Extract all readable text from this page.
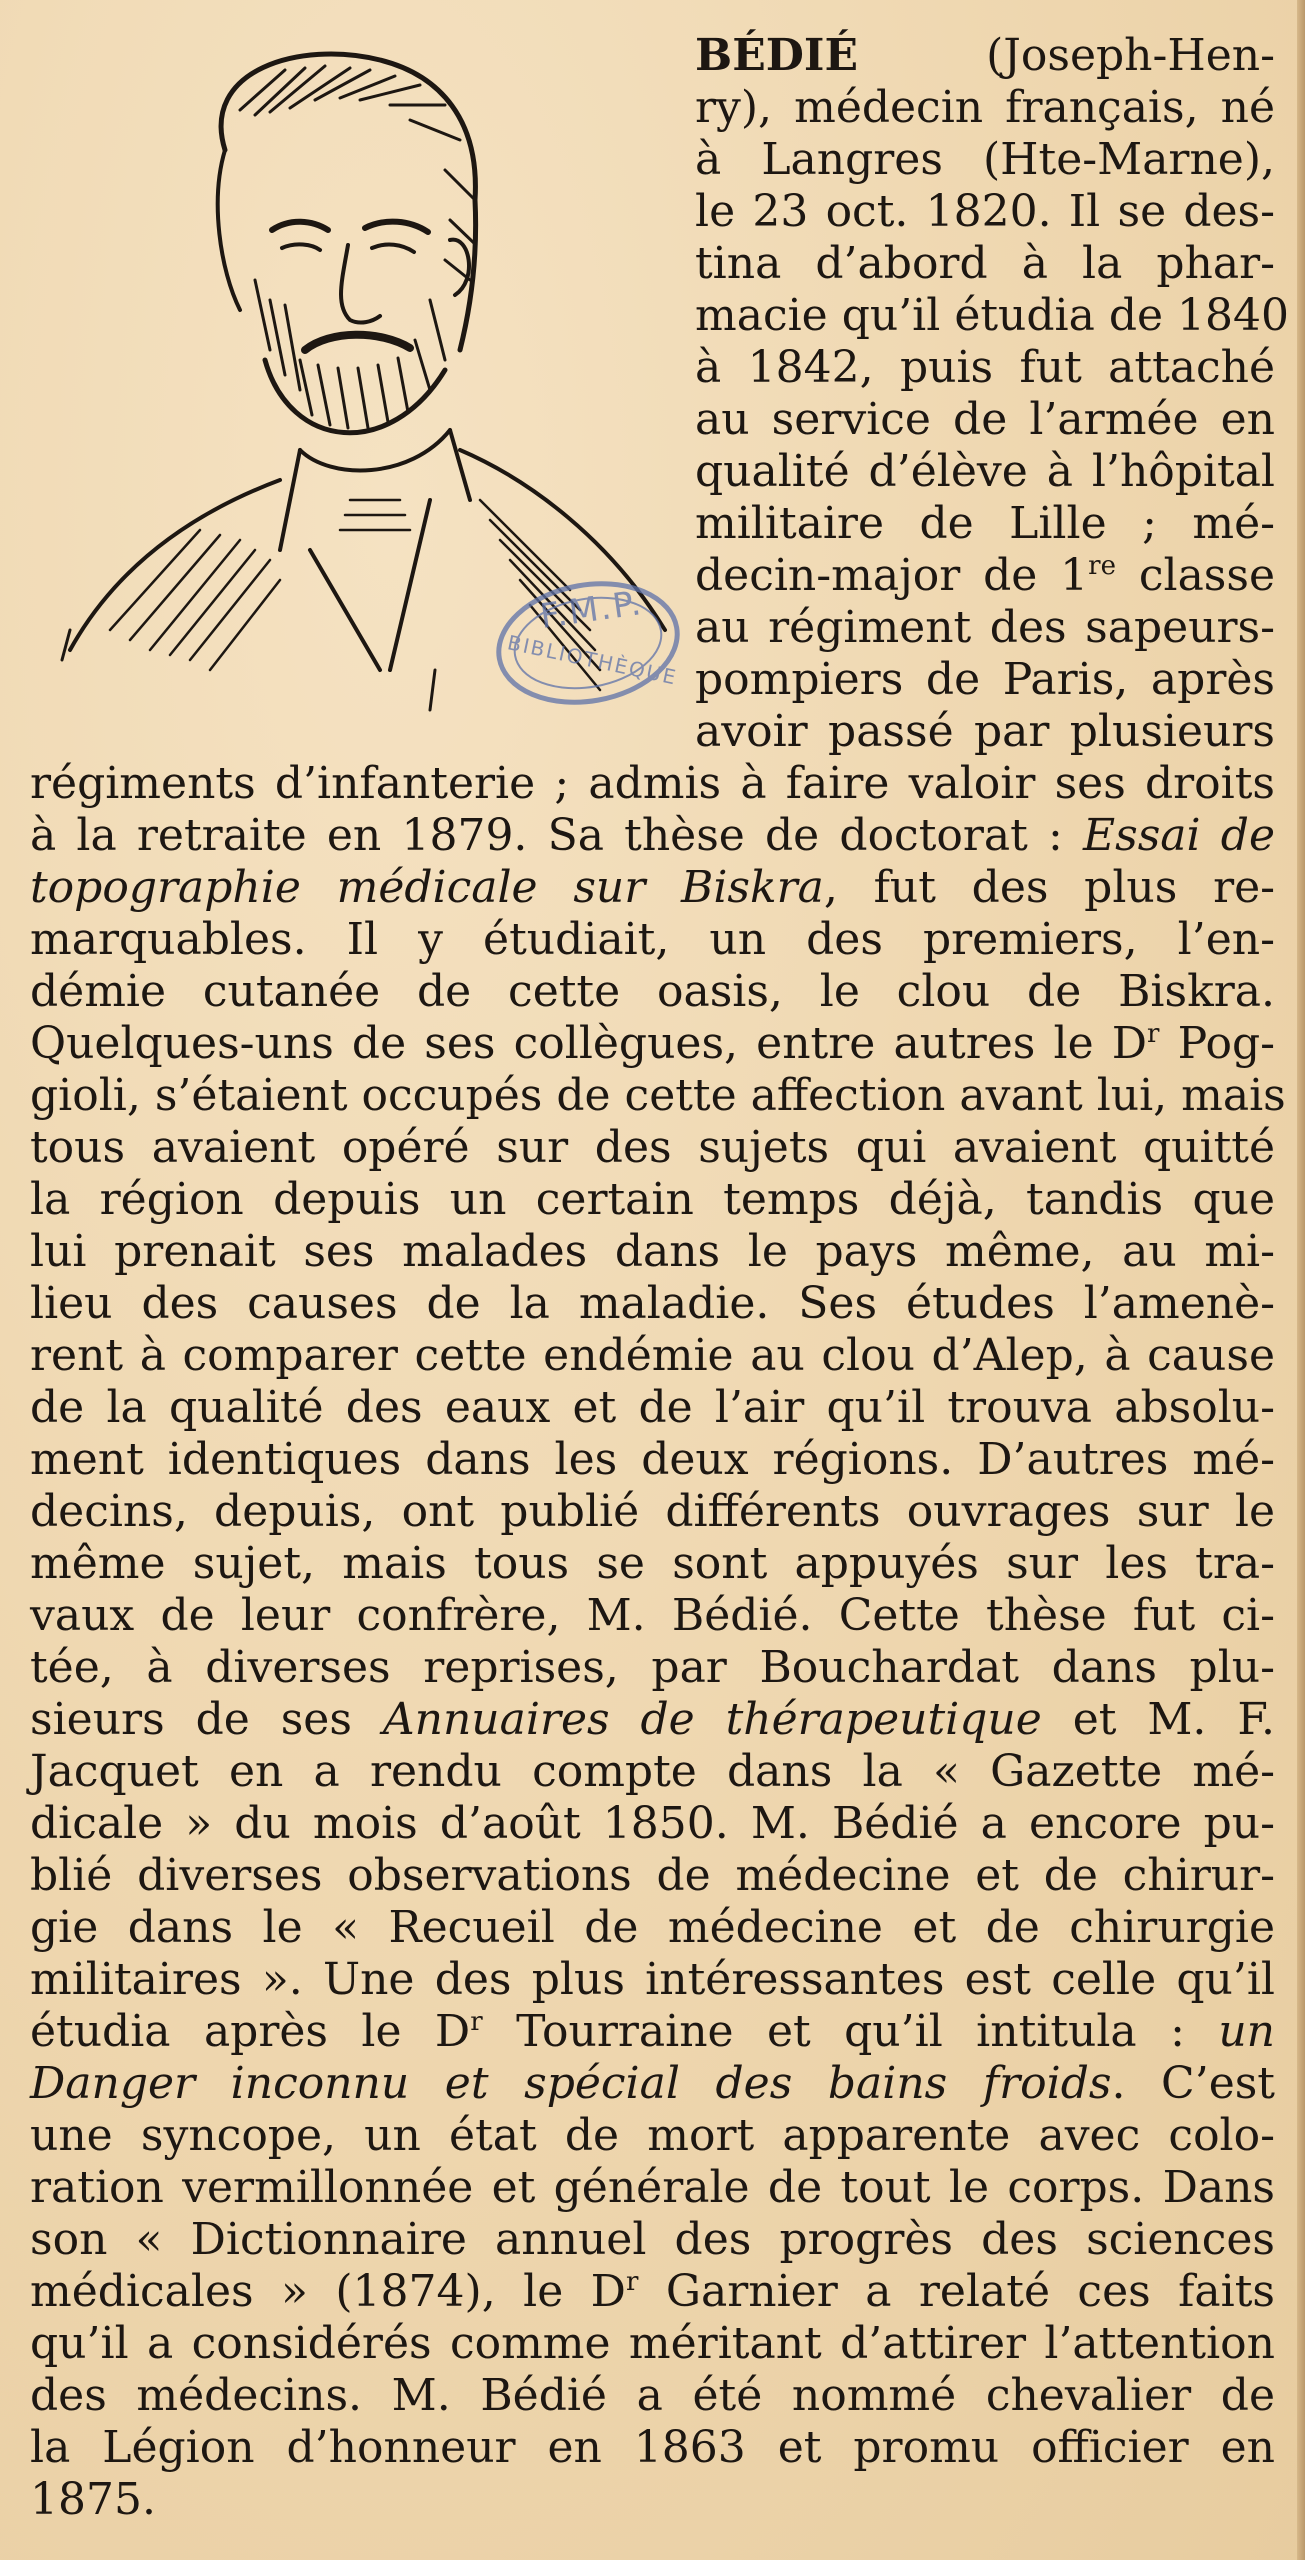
F.M.P.
BIBLIOTHÈQUE
BÉDIÉ	(Joseph-Hen-
ry), médecin français, né
à Langres (Hte-Marne),
le 23 oct. 1820. Il se des-
tina d’abord à la phar-
macie qu’il étudia de 1840
à 1842, puis fut attaché
au service de l’armée en
qualité d’élève à l’hôpital
militaire de Lille ; mé-
decin-major de 1re classe
au régiment des sapeurs-
pompiers de Paris, après
avoir passé par plusieurs
régiments d’infanterie ; admis à faire valoir ses droits
à la retraite en 1879. Sa thèse de doctorat : Essai de
topographie médicale sur Biskra, fut des plus re-
marquables. Il y étudiait, un des premiers, l’en-
démie cutanée de cette oasis, le clou de Biskra.
Quelques-uns de ses collègues, entre autres le $D^r$ Pog-
gioli, s’étaient occupés de cette affection avant lui, mais
tous avaient opéré sur des sujets qui avaient quitté
la région depuis un certain temps déjà, tandis que
lui prenait ses malades dans le pays même, au mi-
lieu des causes de la maladie. Ses études l’amenè-
rent à comparer cette endémie au clou d’Alep, à cause
de la qualité des eaux et de l’air qu’il trouva absolu-
ment identiques dans les deux régions. D’autres mé-
decins, depuis, ont publié différents ouvrages sur le
même sujet, mais tous se sont appuyés sur les tra-
vaux de leur confrère, M. Bédié. Cette thèse fut ci-
tée, à diverses reprises, par Bouchardat dans plu-
sieurs de ses Annuaires de thérapeutique et M. F.
Jacquet en a rendu compte dans la « Gazette mé-
dicale » du mois d’août 1850. M. Bédié a encore pu-
blié diverses observations de médecine et de chirur-
gie dans le « Recueil de médecine et de chirurgie
militaires ». Une des plus intéressantes est celle qu’il
étudia après le $D^r$ Tourraine et qu’il intitula : un
Danger inconnu et spécial des bains froids. C’est
une syncope, un état de mort apparente avec colo-
ration vermillonnée et générale de tout le corps. Dans
son « Dictionnaire annuel des progrès des sciences
médicales » (1874), le $D^r$ Garnier a relaté ces faits
qu’il a considérés comme méritant d’attirer l’attention
des médecins. M. Bédié a été nommé chevalier de
la Légion d’honneur en 1863 et promu officier en
1875.
